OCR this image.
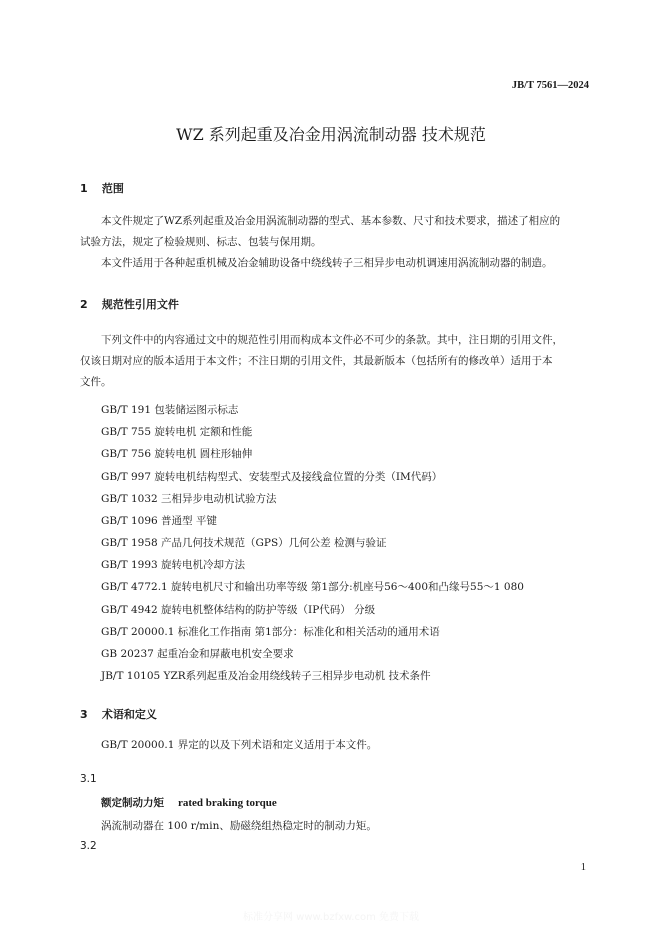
JB/T 7561—2024
WZ 系列起重及冶金用涡流制动器 技术规范
1 范围

本文件规定了WZ系列起重及冶金用涡流制动器的型式、基本参数、尺寸和技术要求，描述了相应的

试验方法，规定了检验规则、标志、包装与保用期。

本文件适用于各种起重机械及冶金辅助设备中绕线转子三相异步电动机调速用涡流制动器的制造。

2 规范性引用文件

下列文件中的内容通过文中的规范性引用而构成本文件必不可少的条款。其中，注日期的引用文件，

仅该日期对应的版本适用于本文件；不注日期的引用文件，其最新版本（包括所有的修改单）适用于本

文件。

GB/T 191 包装储运图示标志
GB/T 755 旋转电机 定额和性能
GB/T 756 旋转电机 圆柱形轴伸
GB/T 997 旋转电机结构型式、安装型式及接线盒位置的分类（IM代码）
GB/T 1032 三相异步电动机试验方法
GB/T 1096 普通型 平键
GB/T 1958 产品几何技术规范（GPS）几何公差 检测与验证
GB/T 1993 旋转电机冷却方法
GB/T 4772.1 旋转电机尺寸和输出功率等级 第1部分:机座号56～400和凸缘号55～1 080
GB/T 4942 旋转电机整体结构的防护等级（IP代码） 分级
GB/T 20000.1 标准化工作指南 第1部分：标准化和相关活动的通用术语
GB 20237 起重冶金和屏蔽电机安全要求
JB/T 10105 YZR系列起重及冶金用绕线转子三相异步电动机 技术条件
3 术语和定义
GB/T 20000.1 界定的以及下列术语和定义适用于本文件。
3.1
额定制动力矩 rated braking torque
涡流制动器在 100 r/min、励磁绕组热稳定时的制动力矩。
3.2
1
标准分享网 www.bzfxw.com 免费下载
